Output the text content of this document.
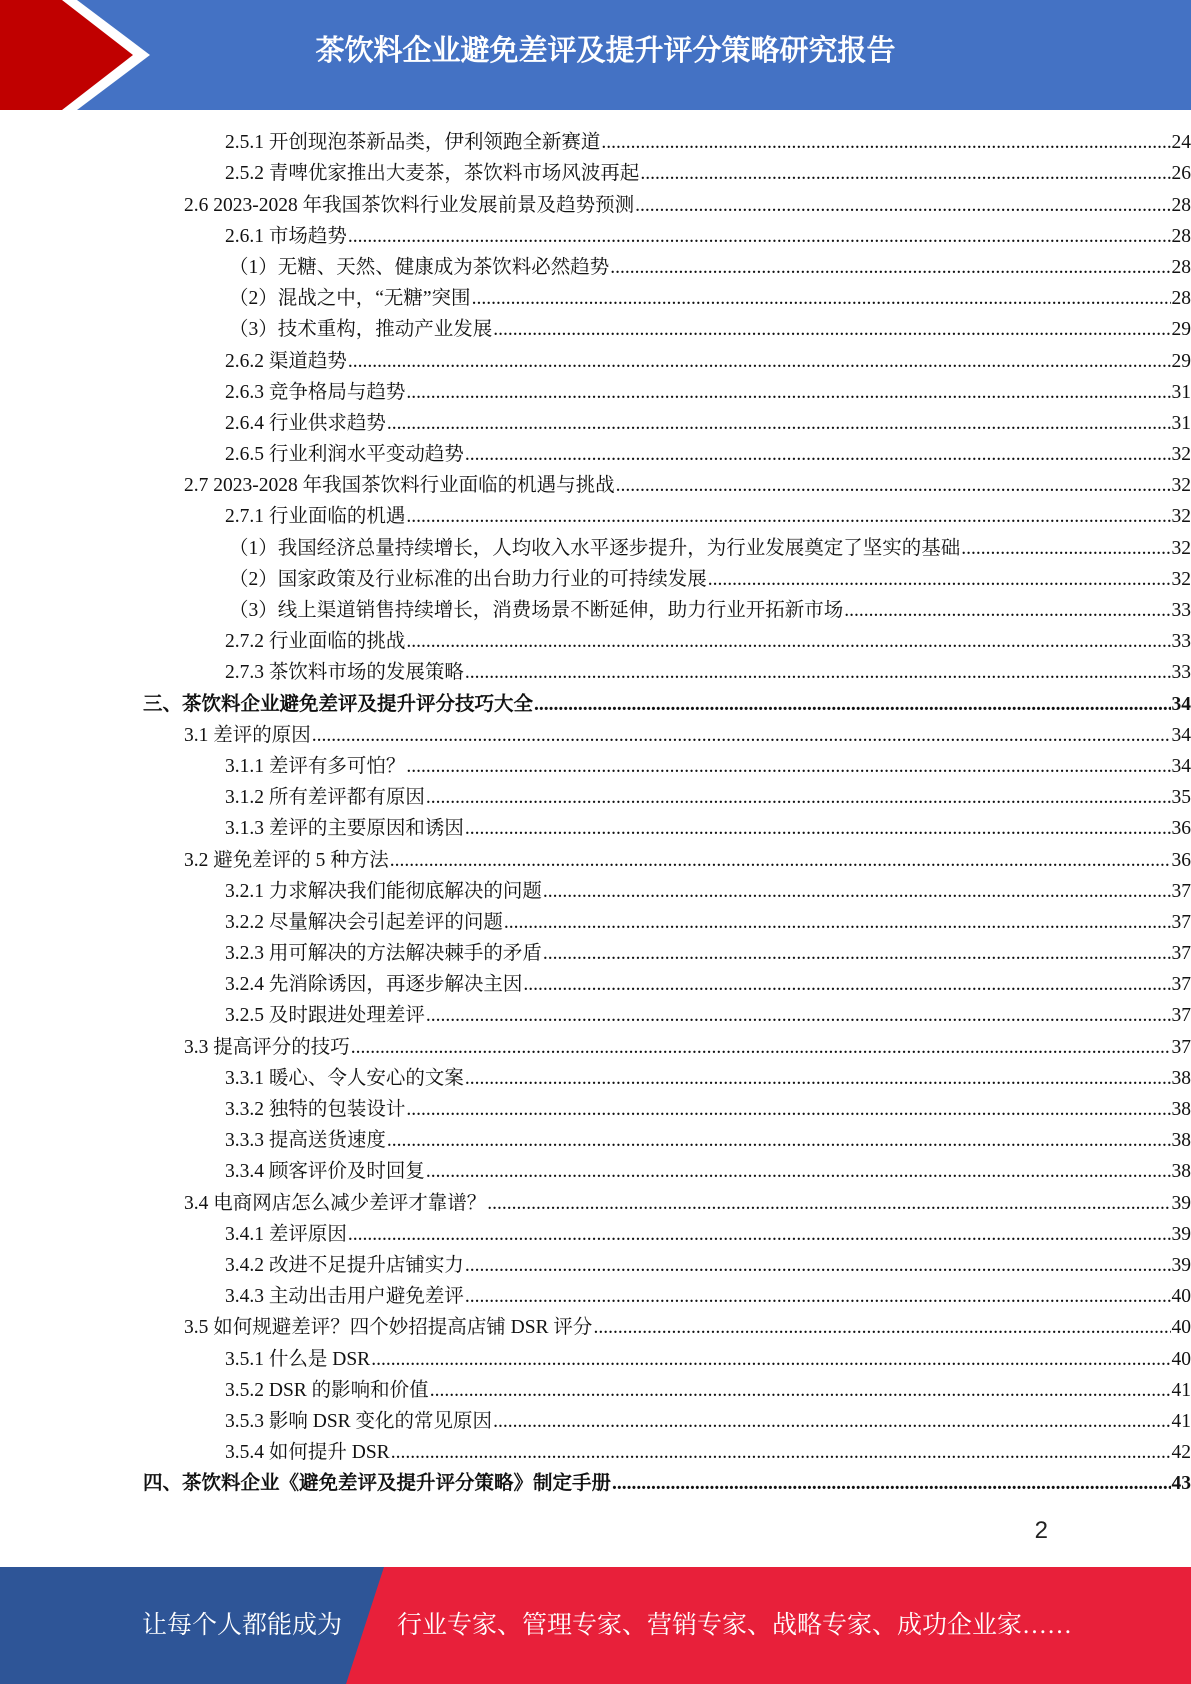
茶饮料企业避免差评及提升评分策略研究报告
2.5.1 开创现泡茶新品类，伊利领跑全新赛道 .....	24
2.5.2 青啤优家推出大麦茶，茶饮料市场风波再起 .....	26
2.6 2023-2028 年我国茶饮料行业发展前景及趋势预测 .....	28
2.6.1 市场趋势 .....	28
（1）无糖、天然、健康成为茶饮料必然趋势 .....	28
（2）混战之中，“无糖”突围 .....	28
（3）技术重构，推动产业发展 .....	29
2.6.2 渠道趋势 .....	29
2.6.3 竞争格局与趋势 .....	31
2.6.4 行业供求趋势 .....	31
2.6.5 行业利润水平变动趋势 .....	32
2.7 2023-2028 年我国茶饮料行业面临的机遇与挑战 .....	32
2.7.1 行业面临的机遇 .....	32
（1）我国经济总量持续增长，人均收入水平逐步提升，为行业发展奠定了坚实的基础 .....	32
（2）国家政策及行业标准的出台助力行业的可持续发展 .....	32
（3）线上渠道销售持续增长，消费场景不断延伸，助力行业开拓新市场 .....	33
2.7.2 行业面临的挑战 .....	33
2.7.3 茶饮料市场的发展策略 .....	33
三、茶饮料企业避免差评及提升评分技巧大全 .....	34
3.1 差评的原因 .....	34
3.1.1 差评有多可怕？ .....	34
3.1.2 所有差评都有原因 .....	35
3.1.3 差评的主要原因和诱因 .....	36
3.2 避免差评的 5 种方法 .....	36
3.2.1 力求解决我们能彻底解决的问题 .....	37
3.2.2 尽量解决会引起差评的问题 .....	37
3.2.3 用可解决的方法解决棘手的矛盾 .....	37
3.2.4 先消除诱因，再逐步解决主因 .....	37
3.2.5 及时跟进处理差评 .....	37
3.3 提高评分的技巧 .....	37
3.3.1 暖心、令人安心的文案 .....	38
3.3.2 独特的包装设计 .....	38
3.3.3 提高送货速度 .....	38
3.3.4 顾客评价及时回复 .....	38
3.4 电商网店怎么减少差评才靠谱？ .....	39
3.4.1 差评原因 .....	39
3.4.2 改进不足提升店铺实力 .....	39
3.4.3 主动出击用户避免差评 .....	40
3.5 如何规避差评？四个妙招提高店铺 DSR 评分 .....	40
3.5.1 什么是 DSR .....	40
3.5.2 DSR 的影响和价值 .....	41
3.5.3 影响 DSR 变化的常见原因 .....	41
3.5.4 如何提升 DSR .....	42
四、茶饮料企业《避免差评及提升评分策略》制定手册 .....	43
2
让每个人都能成为 行业专家、管理专家、营销专家、战略专家、成功企业家……
